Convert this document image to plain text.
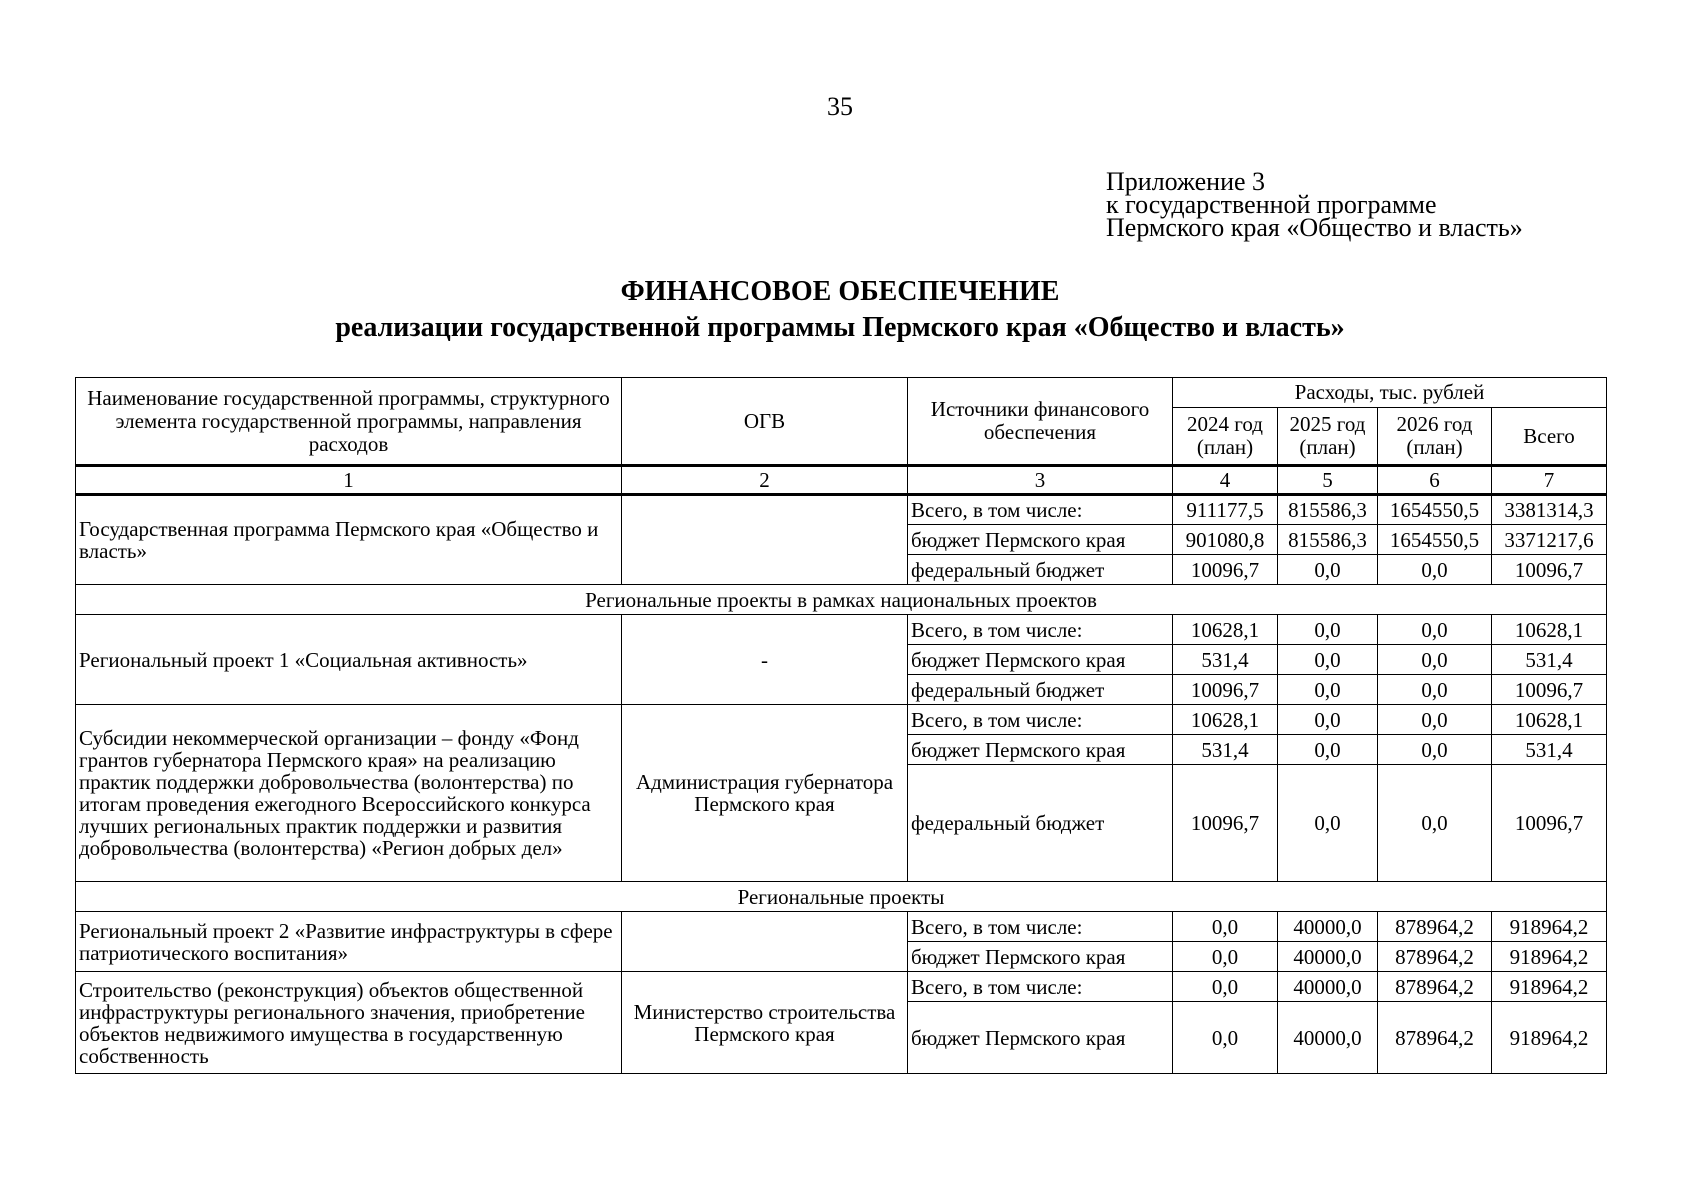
35
Приложение 3
к государственной программе
Пермского края «Общество и власть»
ФИНАНСОВОЕ ОБЕСПЕЧЕНИЕ
реализации государственной программы Пермского края «Общество и власть»
Наименование государственной программы, структурного элемента государственной программы, направления расходов	ОГВ	Источники финансового обеспечения	Расходы, тыс. рублей			
			2024 год (план)	2025 год (план)	2026 год (план)	Всего
1	2	3	4	5	6	7
Государственная программа Пермского края «Общество и власть»		Всего, в том числе:	911177,5	815586,3	1654550,5	3381314,3
		бюджет Пермского края	901080,8	815586,3	1654550,5	3371217,6
		федеральный бюджет	10096,7	0,0	0,0	10096,7
Региональные проекты в рамках национальных проектов						
Региональный проект 1 «Социальная активность»	-	Всего, в том числе:	10628,1	0,0	0,0	10628,1
		бюджет Пермского края	531,4	0,0	0,0	531,4
		федеральный бюджет	10096,7	0,0	0,0	10096,7
Субсидии некоммерческой организации – фонду «Фонд грантов губернатора Пермского края» на реализацию практик поддержки добровольчества (волонтерства) по итогам проведения ежегодного Всероссийского конкурса лучших региональных практик поддержки и развития добровольчества (волонтерства) «Регион добрых дел»	Администрация губернатора Пермского края	Всего, в том числе:	10628,1	0,0	0,0	10628,1
		бюджет Пермского края	531,4	0,0	0,0	531,4
		федеральный бюджет	10096,7	0,0	0,0	10096,7
Региональные проекты						
Региональный проект 2 «Развитие инфраструктуры в сфере патриотического воспитания»		Всего, в том числе:	0,0	40000,0	878964,2	918964,2
		бюджет Пермского края	0,0	40000,0	878964,2	918964,2
Строительство (реконструкция) объектов общественной инфраструктуры регионального значения, приобретение объектов недвижимого имущества в государственную собственность	Министерство строительства Пермского края	Всего, в том числе:	0,0	40000,0	878964,2	918964,2
		бюджет Пермского края	0,0	40000,0	878964,2	918964,2
